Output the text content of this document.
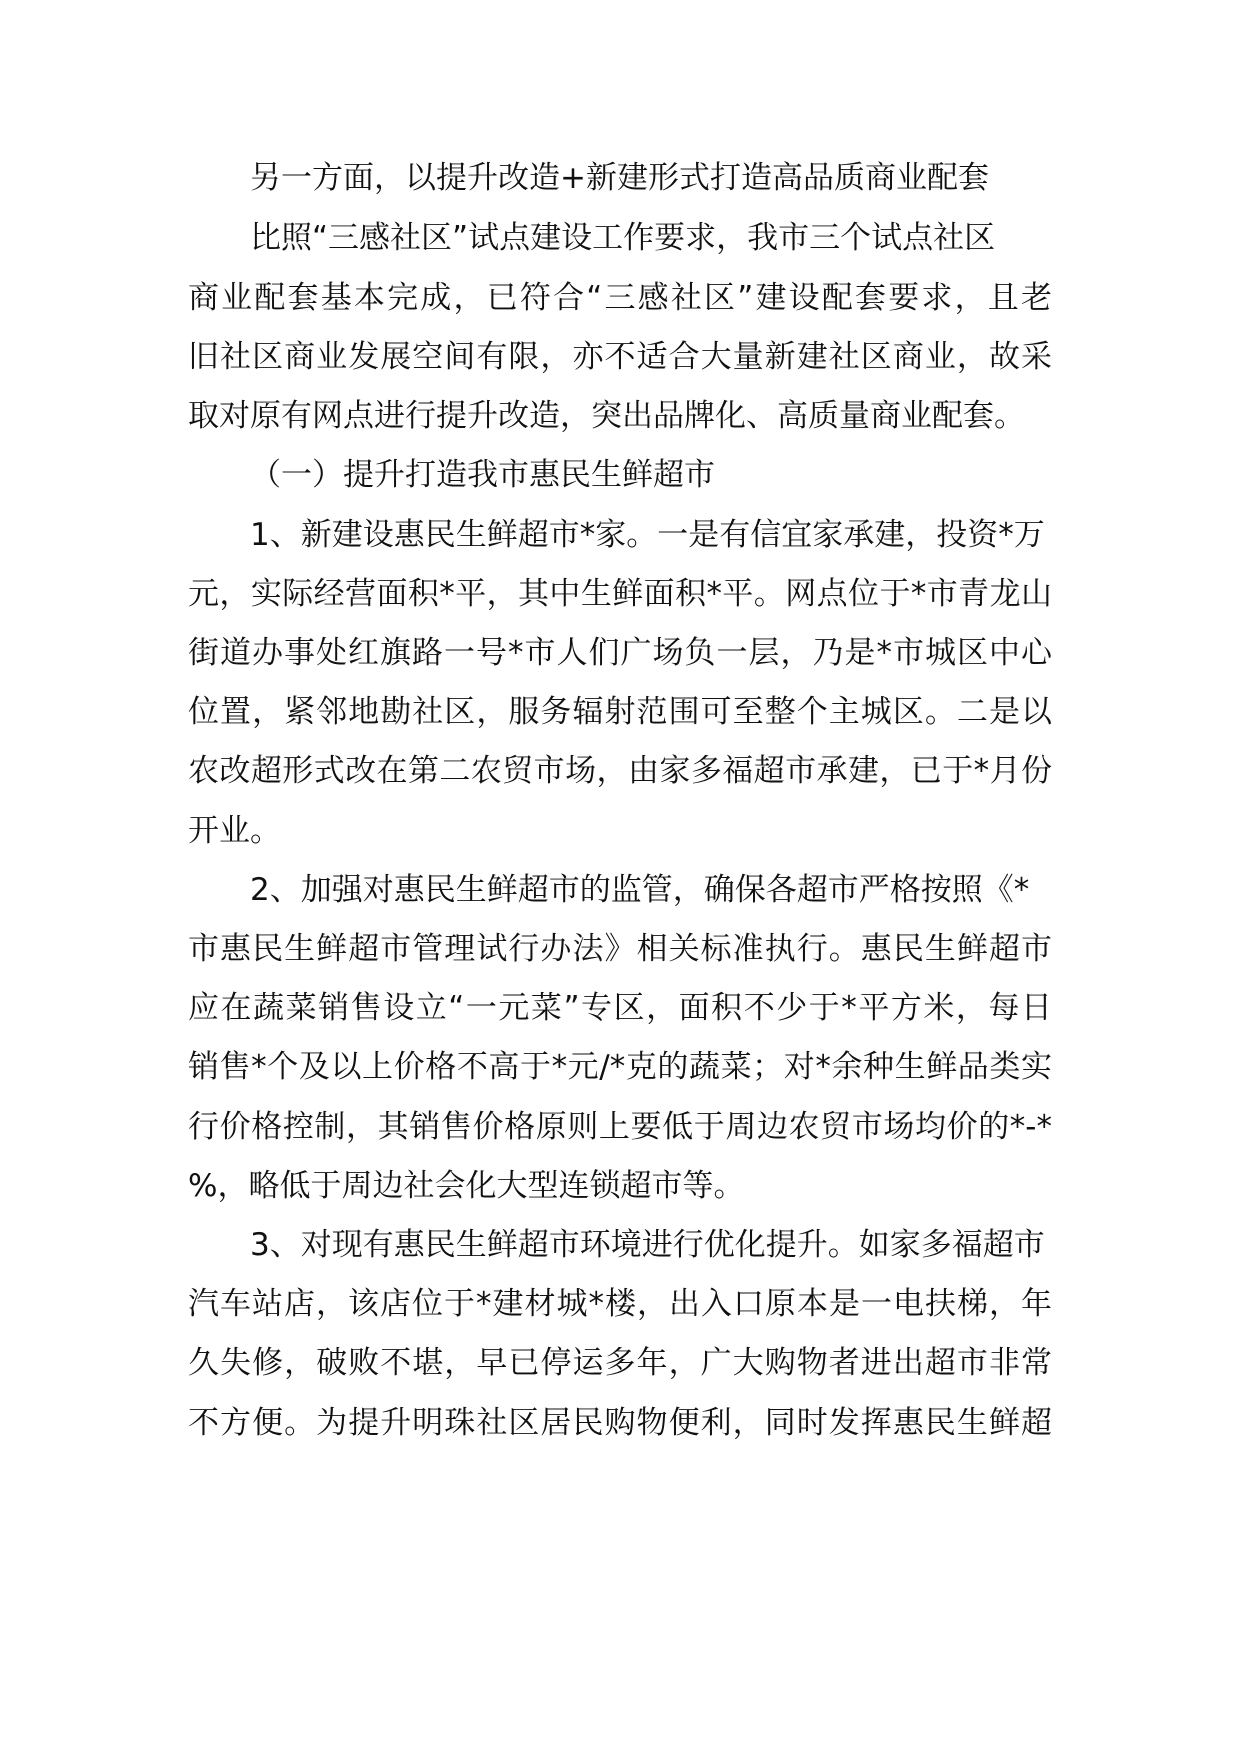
另一方面，以提升改造+新建形式打造高品质商业配套
比照“三感社区”试点建设工作要求，我市三个试点社区
商业配套基本完成，已符合“三感社区”建设配套要求，且老
旧社区商业发展空间有限，亦不适合大量新建社区商业，故采
取对原有网点进行提升改造，突出品牌化、高质量商业配套。
（一）提升打造我市惠民生鲜超市
1、新建设惠民生鲜超市*家。一是有信宜家承建，投资*万
元，实际经营面积*平，其中生鲜面积*平。网点位于*市青龙山
街道办事处红旗路一号*市人们广场负一层，乃是*市城区中心
位置，紧邻地勘社区，服务辐射范围可至整个主城区。二是以
农改超形式改在第二农贸市场，由家多福超市承建，已于*月份
开业。
2、加强对惠民生鲜超市的监管，确保各超市严格按照《*
市惠民生鲜超市管理试行办法》相关标准执行。惠民生鲜超市
应在蔬菜销售设立“一元菜”专区，面积不少于*平方米，每日
销售*个及以上价格不高于*元/*克的蔬菜；对*余种生鲜品类实
行价格控制，其销售价格原则上要低于周边农贸市场均价的*-*
%，略低于周边社会化大型连锁超市等。
3、对现有惠民生鲜超市环境进行优化提升。如家多福超市
汽车站店，该店位于*建材城*楼，出入口原本是一电扶梯，年
久失修，破败不堪，早已停运多年，广大购物者进出超市非常
不方便。为提升明珠社区居民购物便利，同时发挥惠民生鲜超
